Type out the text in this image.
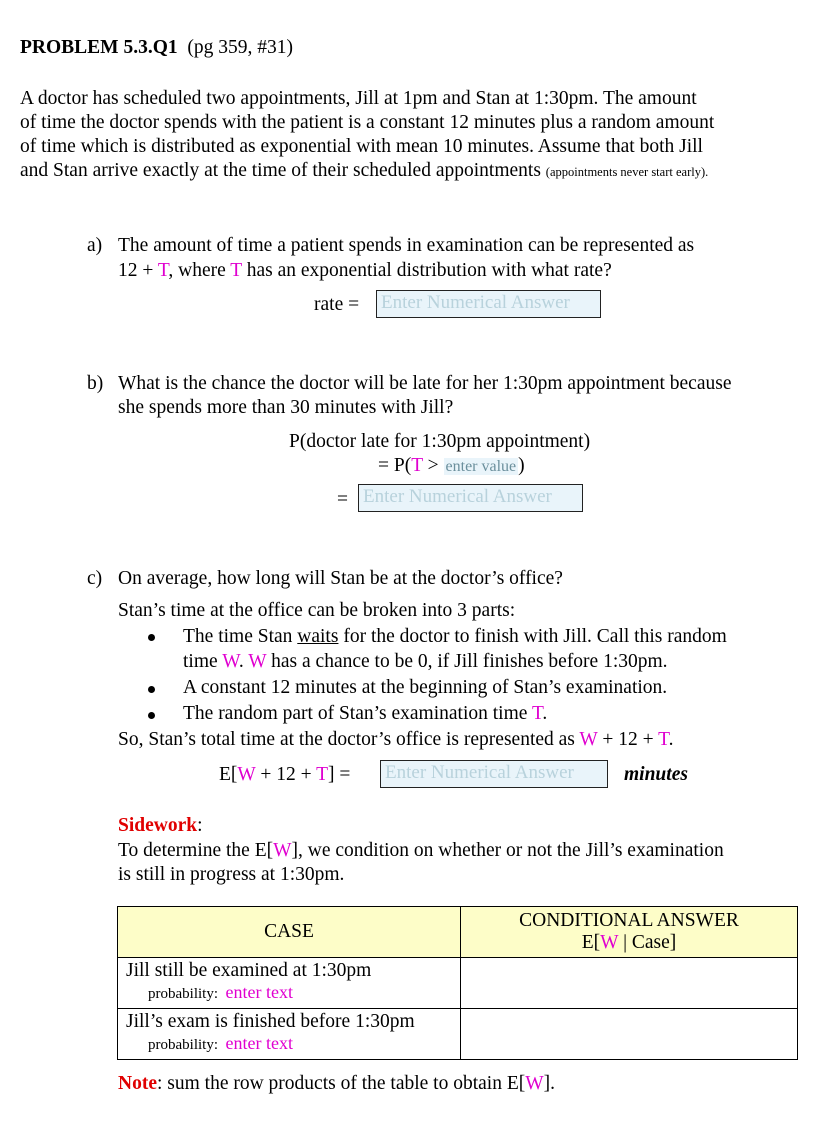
PROBLEM 5.3.Q1 (pg 359, #31)
A doctor has scheduled two appointments, Jill at 1pm and Stan at 1:30pm. The amount
of time the doctor spends with the patient is a constant 12 minutes plus a random amount
of time which is distributed as exponential with mean 10 minutes. Assume that both Jill
and Stan arrive exactly at the time of their scheduled appointments (appointments never start early).
a) The amount of time a patient spends in examination can be represented as
12 + T, where T has an exponential distribution with what rate?
rate = Enter Numerical Answer
b) What is the chance the doctor will be late for her 1:30pm appointment because
she spends more than 30 minutes with Jill?
P(doctor late for 1:30pm appointment)
= P(T > enter value )
= Enter Numerical Answer
c) On average, how long will Stan be at the doctor’s office?
Stan’s time at the office can be broken into 3 parts:
The time Stan waits for the doctor to finish with Jill. Call this random
time W. W has a chance to be 0, if Jill finishes before 1:30pm.
A constant 12 minutes at the beginning of Stan’s examination.
The random part of Stan’s examination time T.
So, Stan’s total time at the doctor’s office is represented as W + 12 + T.
E[W + 12 + T] = Enter Numerical Answer	minutes
Sidework:
To determine the E[W], we condition on whether or not the Jill’s examination
is still in progress at 1:30pm.
CASE	CONDITIONAL ANSWER
E[W | Case]

Jill still be examined at 1:30pm
probability: enter text	

Jill’s exam is finished before 1:30pm
probability: enter text	

Note: sum the row products of the table to obtain E[W].
